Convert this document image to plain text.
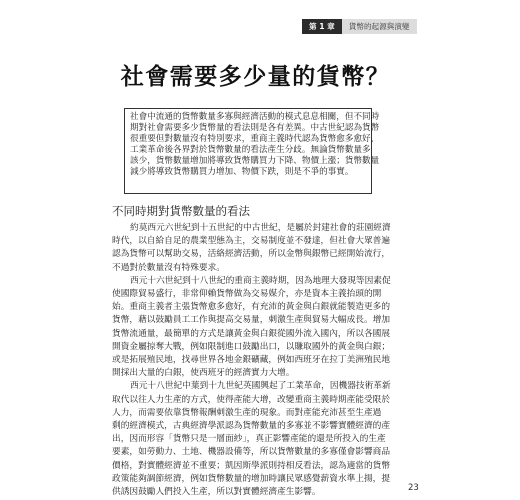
第 1 章	貨幣的起源與演變
社會需要多少量的貨幣？
社會中流通的貨幣數量多寡與經濟活動的模式息息相關，但不同時
期對社會需要多少貨幣量的看法則是各有差異。中古世紀認為貨幣
很重要但對數量沒有特別要求，重商主義時代認為貨幣愈多愈好，
工業革命後各界對於貨幣數量的看法產生分歧。無論貨幣數量多
該少，貨幣數量增加將導致貨幣購買力下降、物價上漲；貨幣數量
減少將導致貨幣購買力增加、物價下跌，則是不爭的事實。
不同時期對貨幣數量的看法

約莫西元六世紀到十五世紀的中古世紀，是屬於封建社會的莊園經濟
時代，以自給自足的農業型態為主，交易制度並不發達，但社會大眾普遍
認為貨幣可以幫助交易，活絡經濟活動，所以金幣與銀幣已經開始流行，
不過對於數量沒有特殊要求。

西元十六世紀到十八世紀的重商主義時期，因為地理大發現等因素促
使國際貿易盛行，非常仰賴貨幣做為交易媒介，亦是資本主義抬頭的開
始。重商主義者主張貨幣愈多愈好，有充沛的黃金與白銀就能製造更多的
貨幣，藉以鼓勵員工工作與提高交易量，刺激生產與貿易大幅成長。增加
貨幣流通量，最簡單的方式是讓黃金與白銀從國外流入國內，所以各國展
開資金屬掠奪大戰，例如限制進口鼓勵出口，以賺取國外的黃金與白銀；
或是拓展殖民地，找尋世界各地金銀礦藏，例如西班牙在拉丁美洲殖民地
開採出大量的白銀，使西班牙的經濟實力大增。

西元十八世紀中葉到十九世紀英國興起了工業革命，因機器技術革新
取代以往人力生產的方式，使得產能大增，改變重商主義時期產能受限於
人力，而需要依靠貨幣報酬刺激生產的現象。而對產能充沛甚至生產過
剩的經濟模式，古典經濟學派認為貨幣數量的多寡並不影響實體經濟的產
出，因而形容「貨幣只是一層面紗」，真正影響產能的還是所投入的生產
要素，如勞動力、土地、機器設備等，所以貨幣數量的多寡僅會影響商品
價格，對實體經濟並不重要；凱因斯學派則持相反看法，認為適當的貨幣
政策能夠調節經濟，例如貨幣數量的增加時讓民眾感覺薪資水準上揚，提
供誘因鼓勵人們投入生產，所以對實體經濟產生影響。	23
